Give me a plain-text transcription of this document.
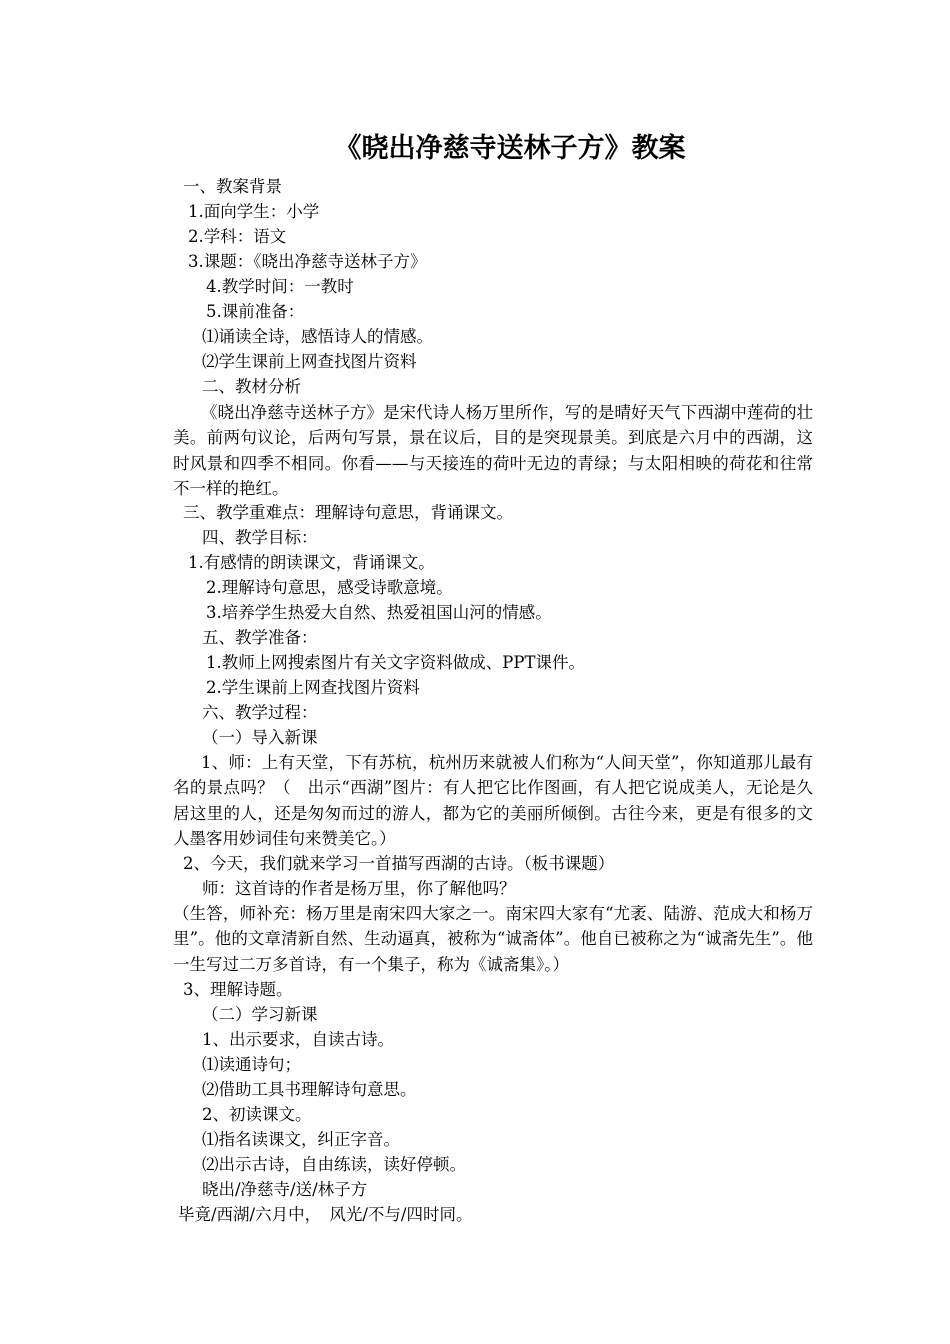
《晓出净慈寺送林子方》教案
一、教案背景
1.面向学生：小学
2.学科：语文
3.课题：《晓出净慈寺送林子方》
4.教学时间：一教时
5.课前准备：
⑴诵读全诗，感悟诗人的情感。
⑵学生课前上网查找图片资料
二、教材分析
《晓出净慈寺送林子方》是宋代诗人杨万里所作，写的是晴好天气下西湖中莲荷的壮美。前两句议论，后两句写景，景在议后，目的是突现景美。到底是六月中的西湖，这时风景和四季不相同。你看——与天接连的荷叶无边的青绿；与太阳相映的荷花和往常不一样的艳红。
三、教学重难点：理解诗句意思，背诵课文。
四、教学目标：
1.有感情的朗读课文，背诵课文。
2.理解诗句意思，感受诗歌意境。
3.培养学生热爱大自然、热爱祖国山河的情感。
五、教学准备：
1.教师上网搜索图片有关文字资料做成、PPT课件。
2.学生课前上网查找图片资料
六、教学过程：
（一）导入新课
1、师：上有天堂，下有苏杭，杭州历来就被人们称为“人间天堂”，你知道那儿最有名的景点吗？（　出示“西湖”图片：有人把它比作图画，有人把它说成美人，无论是久居这里的人，还是匆匆而过的游人，都为它的美丽所倾倒。古往今来，更是有很多的文人墨客用妙词佳句来赞美它。）
2、今天，我们就来学习一首描写西湖的古诗。（板书课题）
师：这首诗的作者是杨万里，你了解他吗？
（生答，师补充：杨万里是南宋四大家之一。南宋四大家有“尤袤、陆游、范成大和杨万里”。他的文章清新自然、生动逼真，被称为“诚斋体”。他自已被称之为“诚斋先生”。他一生写过二万多首诗，有一个集子，称为《诚斋集》。）
3、理解诗题。
（二）学习新课
1、出示要求，自读古诗。
⑴读通诗句；
⑵借助工具书理解诗句意思。
2、初读课文。
⑴指名读课文，纠正字音。
⑵出示古诗，自由练读，读好停顿。
晓出/净慈寺/送/林子方
毕竟/西湖/六月中，　风光/不与/四时同。
